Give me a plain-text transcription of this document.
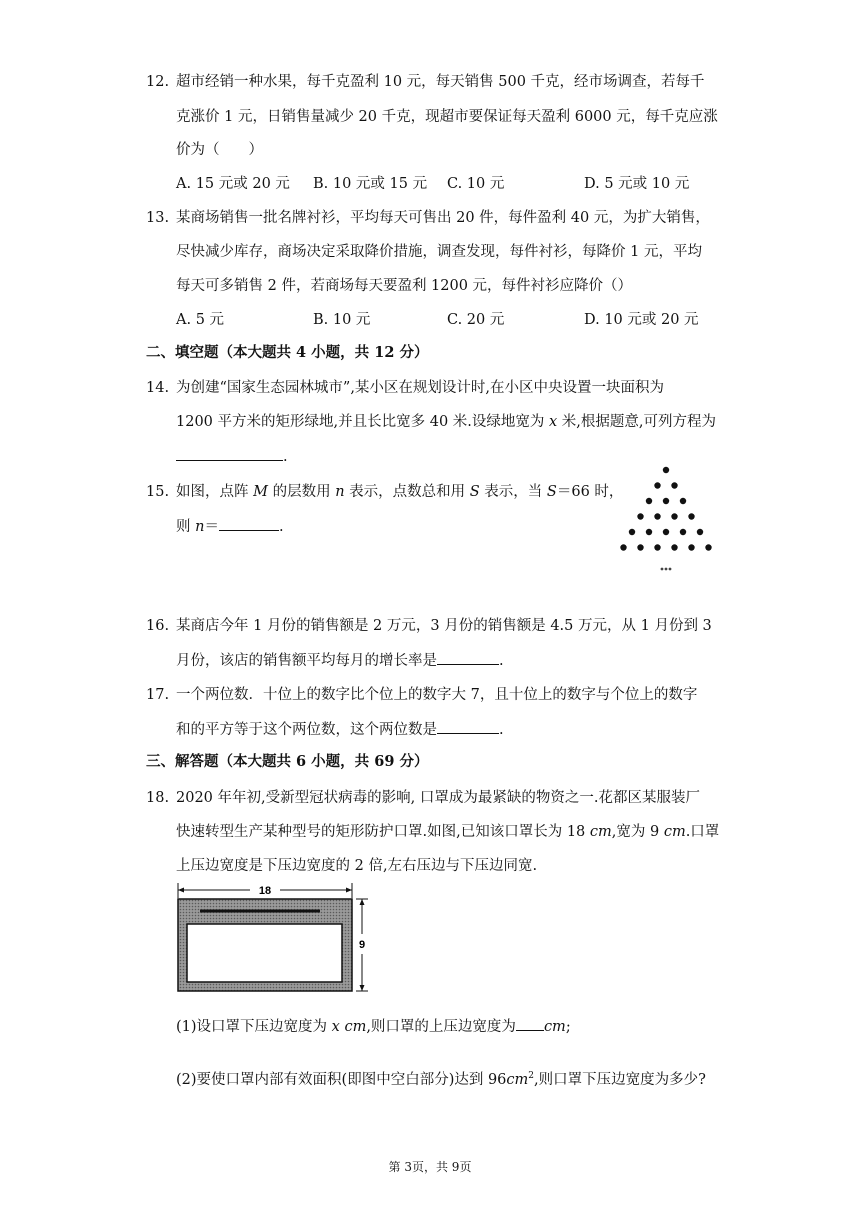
12. 超市经销一种水果，每千克盈利 10 元，每天销售 500 千克，经市场调查，若每千
克涨价 1 元，日销售量减少 20 千克，现超市要保证每天盈利 6000 元，每千克应涨
价为（　　）
A. 15 元或 20 元 B. 10 元或 15 元 C. 10 元	D. 5 元或 10 元
13. 某商场销售一批名牌衬衫，平均每天可售出 20 件，每件盈利 40 元，为扩大销售，
尽快减少库存，商场决定采取降价措施，调查发现，每件衬衫，每降价 1 元，平均
每天可多销售 2 件，若商场每天要盈利 1200 元，每件衬衫应降价（）
A. 5 元	B. 10 元	C. 20 元	D. 10 元或 20 元
二、填空题（本大题共 4 小题，共 12 分）
14. 为创建“国家生态园林城市”,某小区在规划设计时,在小区中央设置一块面积为
1200 平方米的矩形绿地,并且长比宽多 40 米.设绿地宽为 x 米,根据题意,可列方程为
.
15. 如图，点阵 M 的层数用 n 表示，点数总和用 S 表示，当 S＝66 时，
则 n＝	.
16. 某商店今年 1 月份的销售额是 2 万元，3 月份的销售额是 4.5 万元，从 1 月份到 3
月份，该店的销售额平均每月的增长率是	.
17. 一个两位数．十位上的数字比个位上的数字大 7，且十位上的数字与个位上的数字
和的平方等于这个两位数，这个两位数是	.
三、解答题（本大题共 6 小题，共 69 分）
18. 2020 年年初,受新型冠状病毒的影响, 口罩成为最紧缺的物资之一.花都区某服装厂
快速转型生产某种型号的矩形防护口罩.如图,已知该口罩长为 18 cm,宽为 9 cm.口罩
上压边宽度是下压边宽度的 2 倍,左右压边与下压边同宽.
18
9
(1)设口罩下压边宽度为 x cm,则口罩的上压边宽度为 cm;
(2)要使口罩内部有效面积(即图中空白部分)达到 $96cm^2$,则口罩下压边宽度为多少?
第 3页，共 9页
